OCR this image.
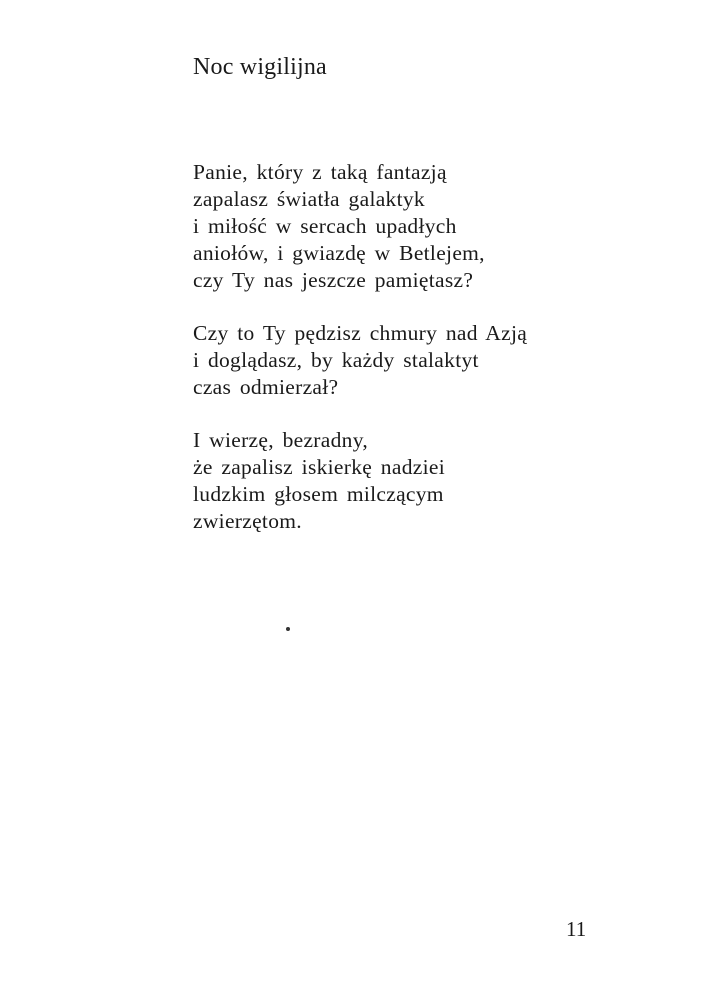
Noc wigilijna
Panie, który z taką fantazją
zapalasz światła galaktyk
i miłość w sercach upadłych
aniołów, i gwiazdę w Betlejem,
czy Ty nas jeszcze pamiętasz?
Czy to Ty pędzisz chmury nad Azją
i doglądasz, by każdy stalaktyt
czas odmierzał?
I wierzę, bezradny,
że zapalisz iskierkę nadziei
ludzkim głosem milczącym
zwierzętom.
11
